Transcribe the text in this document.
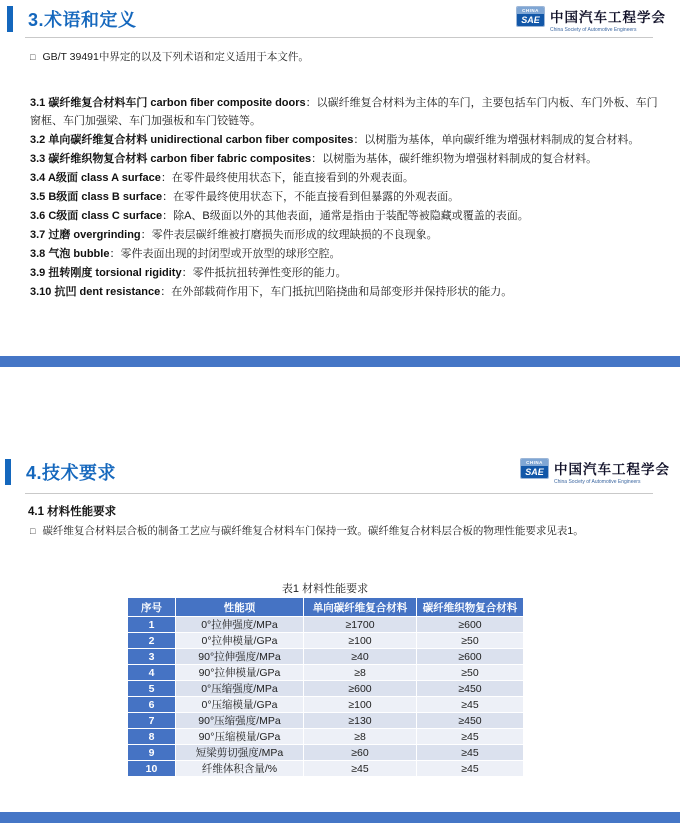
3.术语和定义	CHINA
SAE 中国汽车工程学会
China Society of Automotive Engineers
□ GB/T 39491中界定的以及下列术语和定义适用于本文件。

3.1 碳纤维复合材料车门 carbon fiber composite doors：以碳纤维复合材料为主体的车门，主要包括车门内板、车门外板、车门窗框、车门加强梁、车门加强板和车门铰链等。

3.2 单向碳纤维复合材料 unidirectional carbon fiber composites：以树脂为基体，单向碳纤维为增强材料制成的复合材料。

3.3 碳纤维织物复合材料 carbon fiber fabric composites：以树脂为基体，碳纤维织物为增强材料制成的复合材料。

3.4 A级面 class A surface：在零件最终使用状态下，能直接看到的外观表面。

3.5 B级面 class B surface：在零件最终使用状态下，不能直接看到但暴露的外观表面。

3.6 C级面 class C surface：除A、B级面以外的其他表面，通常是指由于装配等被隐藏或覆盖的表面。

3.7 过磨 overgrinding：零件表层碳纤维被打磨损失而形成的纹理缺损的不良现象。

3.8 气泡 bubble：零件表面出现的封闭型或开放型的球形空腔。

3.9 扭转刚度 torsional rigidity：零件抵抗扭转弹性变形的能力。

3.10 抗凹 dent resistance：在外部载荷作用下，车门抵抗凹陷挠曲和局部变形并保持形状的能力。

4.技术要求
CHINA
SAE 中国汽车工程学会
China Society of Automotive Engineers
4.1 材料性能要求
□ 碳纤维复合材料层合板的制备工艺应与碳纤维复合材料车门保持一致。碳纤维复合材料层合板的物理性能要求见表1。
表1 材料性能要求
序号	性能项	单向碳纤维复合材料	碳纤维织物复合材料
1	0°拉伸强度/MPa	≥1700	≥600
2	0°拉伸模量/GPa	≥100	≥50
3	90°拉伸强度/MPa	≥40	≥600
4	90°拉伸模量/GPa	≥8	≥50
5	0°压缩强度/MPa	≥600	≥450
6	0°压缩模量/GPa	≥100	≥45
7	90°压缩强度/MPa	≥130	≥450
8	90°压缩模量/GPa	≥8	≥45
9	短梁剪切强度/MPa	≥60	≥45
10	纤维体积含量/%	≥45	≥45
